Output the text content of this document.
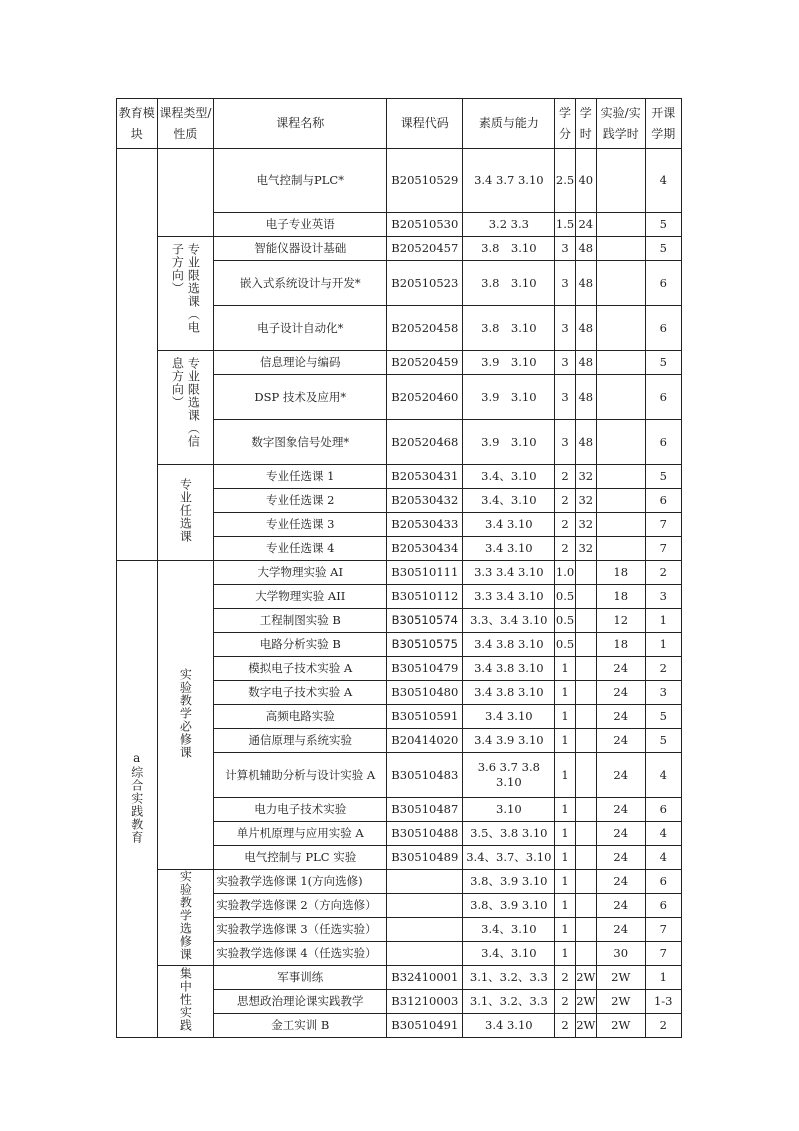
教育模块	课程类型/性质	课程名称	课程代码	素质与能力	学分	学时	实验/实践学时	开课学期
		电气控制与PLC*	B20510529	3.4 3.7 3.10	2.5	40		4
		电子专业英语	B20510530	3.2 3.3	1.5	24		5
	专业限选课（电子方向）	智能仪器设计基础	B20520457	3.8　3.10	3	48		5
		嵌入式系统设计与开发*	B20510523	3.8　3.10	3	48		6
		电子设计自动化*	B20520458	3.8　3.10	3	48		6
	专业限选课（信息方向）	信息理论与编码	B20520459	3.9　3.10	3	48		5
		DSP 技术及应用*	B20520460	3.9　3.10	3	48		6
		数字图象信号处理*	B20520468	3.9　3.10	3	48		6
	专业任选课	专业任选课 1	B20530431	3.4、3.10	2	32		5
		专业任选课 2	B20530432	3.4、3.10	2	32		6
		专业任选课 3	B20530433	3.4 3.10	2	32		7
		专业任选课 4	B20530434	3.4 3.10	2	32		7
a综合实践教育	实验教学必修课	大学物理实验 AI	B30510111	3.3 3.4 3.10	1.0		18	2
		大学物理实验 AII	B30510112	3.3 3.4 3.10	0.5		18	3
		工程制图实验 B	B30510574	3.3、3.4 3.10	0.5		12	1
		电路分析实验 B	B30510575	3.4 3.8 3.10	0.5		18	1
		模拟电子技术实验 A	B30510479	3.4 3.8 3.10	1		24	2
		数字电子技术实验 A	B30510480	3.4 3.8 3.10	1		24	3
		高频电路实验	B30510591	3.4 3.10	1		24	5
		通信原理与系统实验	B20414020	3.4 3.9 3.10	1		24	5
		计算机辅助分析与设计实验 A	B30510483	3.6 3.7 3.8 3.10	1		24	4
		电力电子技术实验	B30510487	3.10	1		24	6
		单片机原理与应用实验 A	B30510488	3.5、3.8 3.10	1		24	4
		电气控制与 PLC 实验	B30510489	3.4、3.7、3.10	1		24	4
	实验教学选修课	实验教学选修课 1(方向选修)		3.8、3.9 3.10	1		24	6
		实验教学选修课 2（方向选修）		3.8、3.9 3.10	1		24	6
		实验教学选修课 3（任选实验）		3.4、3.10	1		24	7
		实验教学选修课 4（任选实验）		3.4、3.10	1		30	7
	集中性实践	军事训练	B32410001	3.1、3.2、3.3	2	2W	2W	1
		思想政治理论课实践教学	B31210003	3.1、3.2、3.3	2	2W	2W	1-3
		金工实训 B	B30510491	3.4 3.10	2	2W	2W	2
